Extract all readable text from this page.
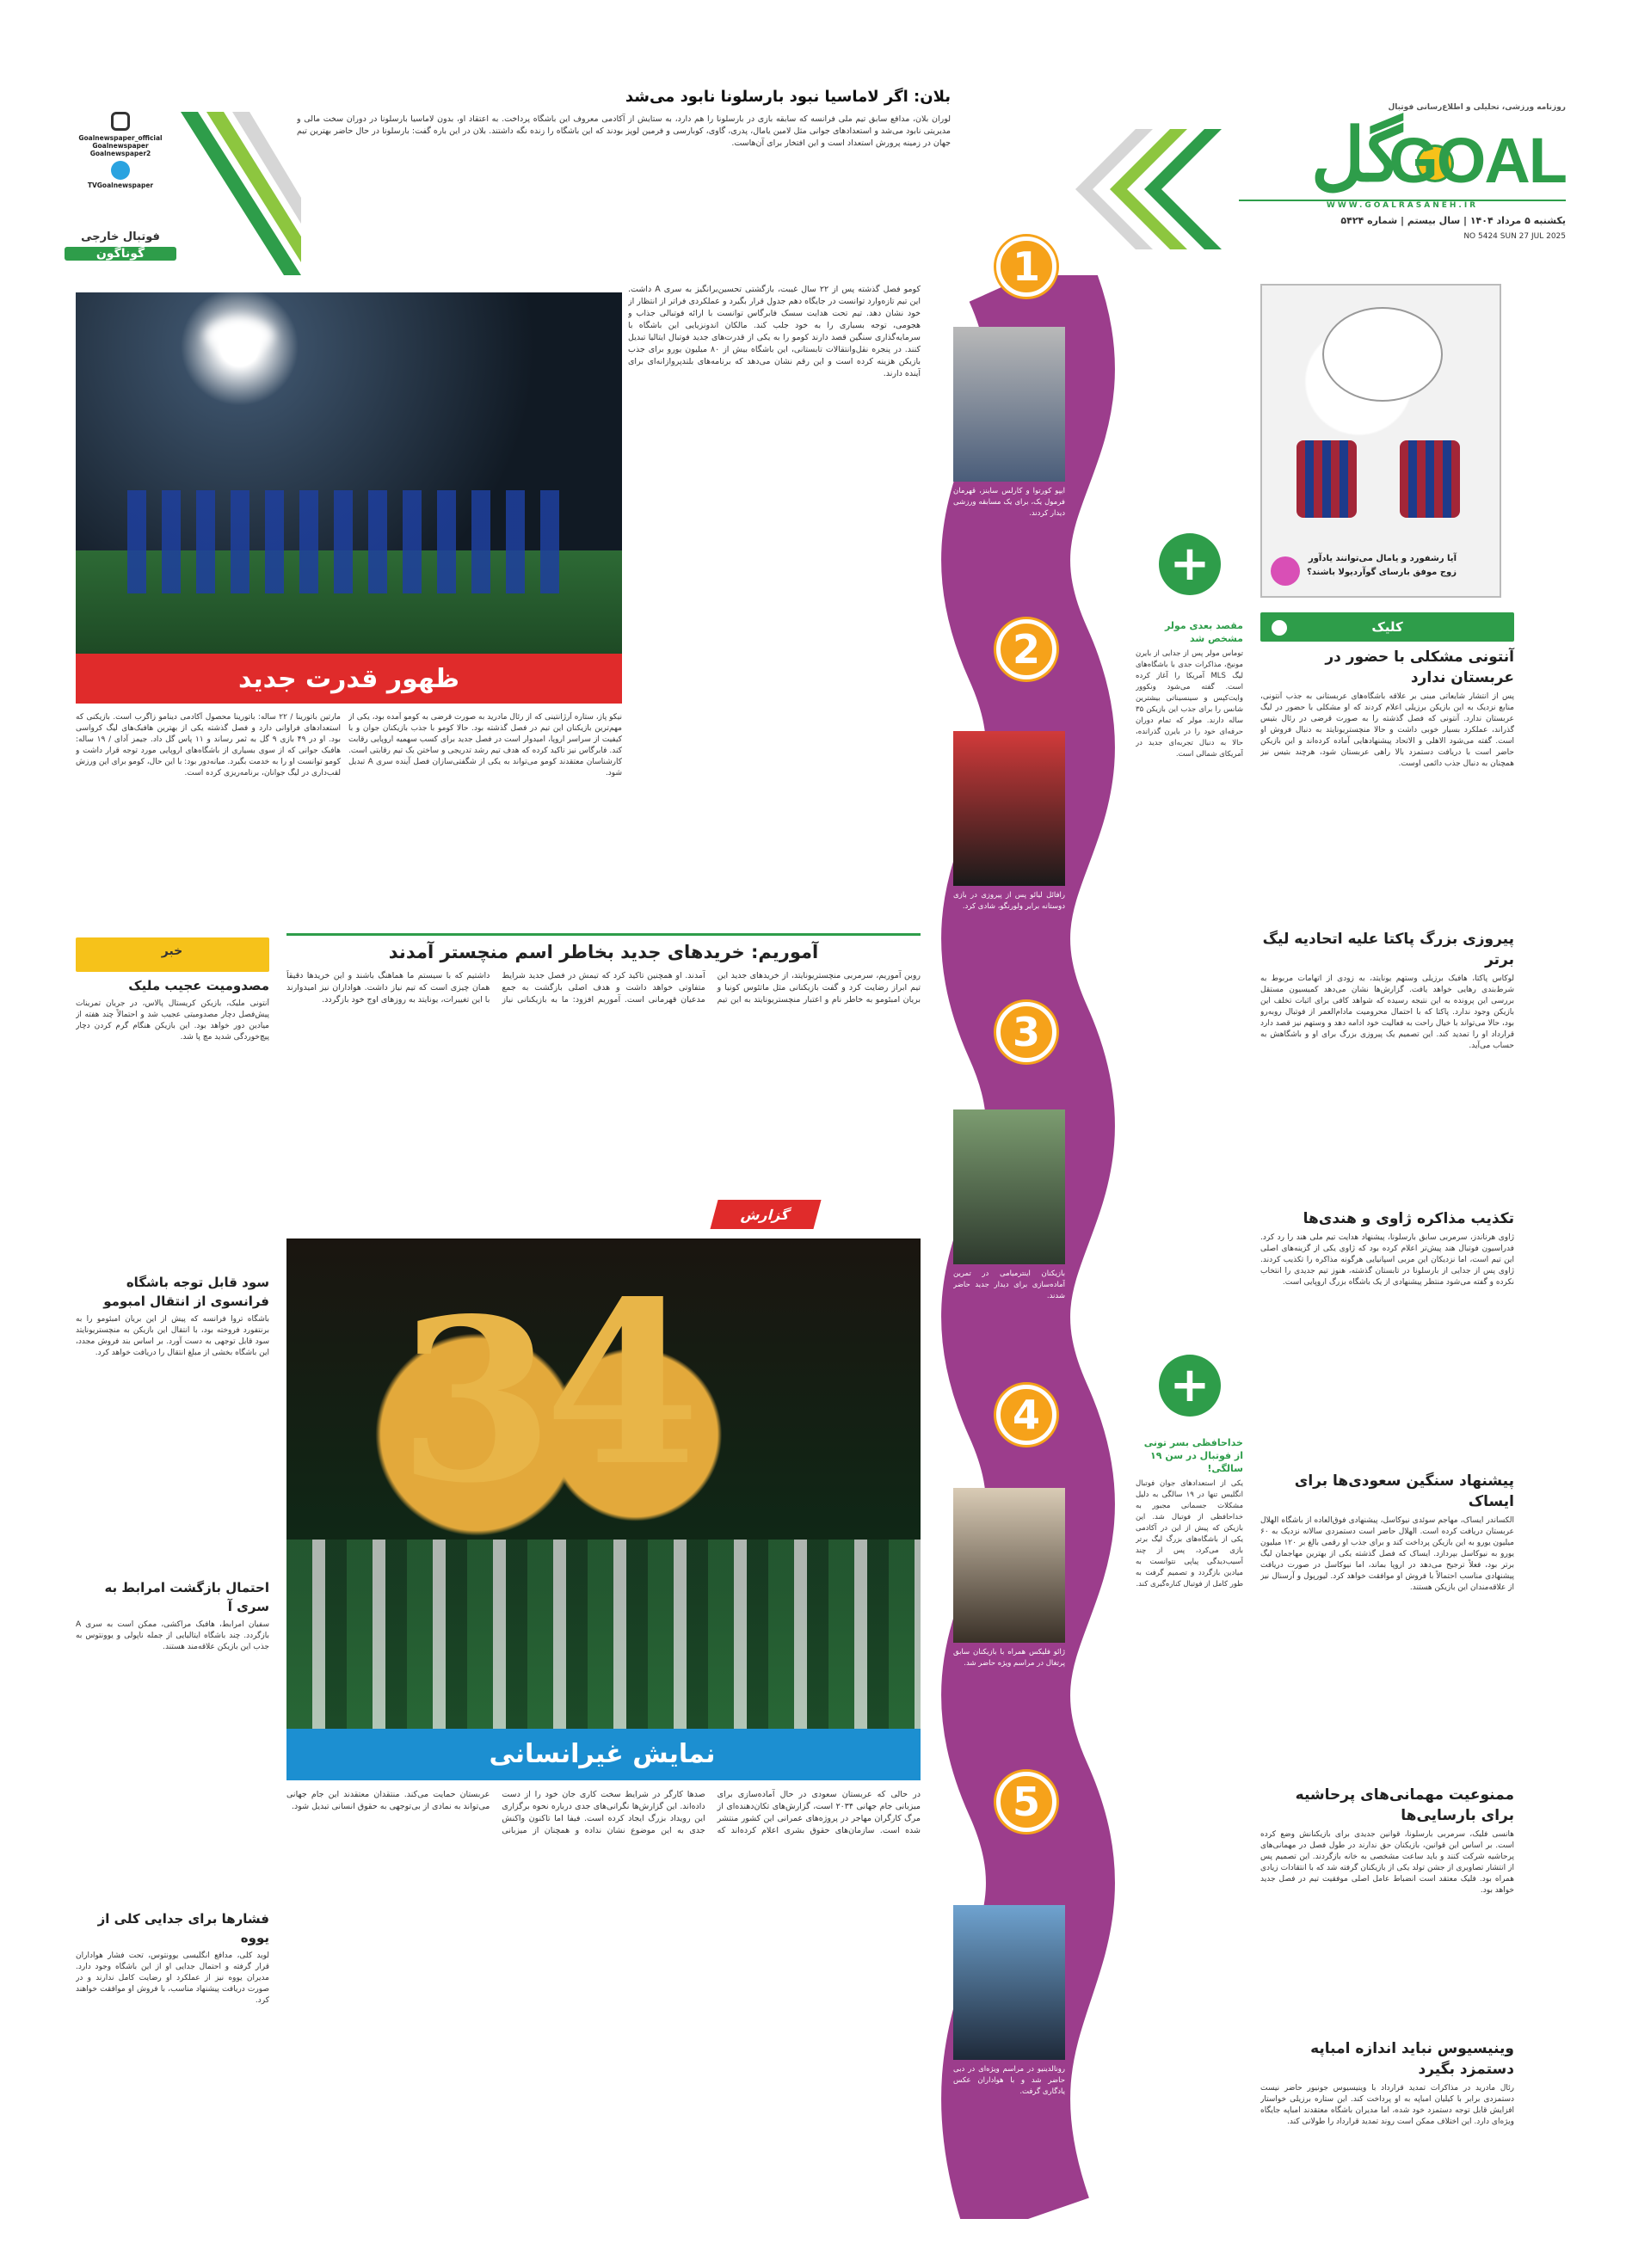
روزنامه ورزشی، تحلیلی و اطلاع‌رسانی فوتبال
گل
GOAL
WWW.GOALRASANEH.IR
یکشنبه ۵ مرداد ۱۴۰۴ | سال بیستم | شماره ۵۴۲۴
NO 5424 SUN 27 JUL 2025
بلان: اگر لاماسیا نبود بارسلونا نابود می‌شد
لوران بلان، مدافع سابق تیم ملی فرانسه که سابقه بازی در بارسلونا را هم دارد، به ستایش از آکادمی معروف این باشگاه پرداخت. به اعتقاد او، بدون لاماسیا بارسلونا در دوران سخت مالی و مدیریتی نابود می‌شد و استعدادهای جوانی مثل لامین یامال، پدری، گاوی، کوبارسی و فرمین لوپز بودند که این باشگاه را زنده نگه داشتند. بلان در این باره گفت: بارسلونا در حال حاضر بهترین تیم جهان در زمینه پرورش استعداد است و این افتخار برای آن‌هاست.
Goalnewspaper_official
Goalnewspaper
Goalnewspaper2
TVGoalnewspaper
فوتبال خارجی
گوناگون
آیا رشفورد و یامال می‌توانند یادآور
زوج موفق بارسای گوآردیولا باشند؟
کلیک
آنتونی مشکلی با حضور در عربستان ندارد
پس از انتشار شایعاتی مبنی بر علاقه باشگاه‌های عربستانی به جذب آنتونی، منابع نزدیک به این بازیکن برزیلی اعلام کردند که او مشکلی با حضور در لیگ عربستان ندارد. آنتونی که فصل گذشته را به صورت قرضی در رئال بتیس گذراند، عملکرد بسیار خوبی داشت و حالا منچستریونایتد به دنبال فروش او است. گفته می‌شود الاهلی و الاتحاد پیشنهادهایی آماده کرده‌اند و این بازیکن حاضر است با دریافت دستمزد بالا راهی عربستان شود، هرچند بتیس نیز همچنان به دنبال جذب دائمی اوست.
پیروزی بزرگ پاکتا علیه اتحادیه لیگ برتر
لوکاس پاکتا، هافبک برزیلی وستهم یونایتد، به زودی از اتهامات مربوط به شرط‌بندی رهایی خواهد یافت. گزارش‌ها نشان می‌دهد کمیسیون مستقل بررسی این پرونده به این نتیجه رسیده که شواهد کافی برای اثبات تخلف این بازیکن وجود ندارد. پاکتا که با احتمال محرومیت مادام‌العمر از فوتبال روبه‌رو بود، حالا می‌تواند با خیال راحت به فعالیت خود ادامه دهد و وستهم نیز قصد دارد قرارداد او را تمدید کند. این تصمیم یک پیروزی بزرگ برای او و باشگاهش به حساب می‌آید.
تکذیب مذاکره ژاوی و هندی‌ها
ژاوی هرناندز، سرمربی سابق بارسلونا، پیشنهاد هدایت تیم ملی هند را رد کرد. فدراسیون فوتبال هند پیش‌تر اعلام کرده بود که ژاوی یکی از گزینه‌های اصلی این تیم است، اما نزدیکان این مربی اسپانیایی هرگونه مذاکره را تکذیب کردند. ژاوی پس از جدایی از بارسلونا در تابستان گذشته، هنوز تیم جدیدی را انتخاب نکرده و گفته می‌شود منتظر پیشنهادی از یک باشگاه بزرگ اروپایی است.
پیشنهاد سنگین سعودی‌ها برای ایساک
الکساندر ایساک، مهاجم سوئدی نیوکاسل، پیشنهادی فوق‌العاده از باشگاه الهلال عربستان دریافت کرده است. الهلال حاضر است دستمزدی سالانه نزدیک به ۶۰ میلیون یورو به این بازیکن پرداخت کند و برای جذب او رقمی بالغ بر ۱۲۰ میلیون یورو به نیوکاسل بپردازد. ایساک که فصل گذشته یکی از بهترین مهاجمان لیگ برتر بود، فعلاً ترجیح می‌دهد در اروپا بماند، اما نیوکاسل در صورت دریافت پیشنهادی مناسب احتمالاً با فروش او موافقت خواهد کرد. لیورپول و آرسنال نیز از علاقه‌مندان این بازیکن هستند.
ممنوعیت مهمانی‌های پرحاشیه برای بارسایی‌ها
هانسی فلیک، سرمربی بارسلونا، قوانین جدیدی برای بازیکنانش وضع کرده است. بر اساس این قوانین، بازیکنان حق ندارند در طول فصل در مهمانی‌های پرحاشیه شرکت کنند و باید ساعت مشخصی به خانه بازگردند. این تصمیم پس از انتشار تصاویری از جشن تولد یکی از بازیکنان گرفته شد که با انتقادات زیادی همراه بود. فلیک معتقد است انضباط عامل اصلی موفقیت تیم در فصل جدید خواهد بود.
وینیسیوس نباید اندازه امباپه دستمزد بگیرد
رئال مادرید در مذاکرات تمدید قرارداد با وینیسیوس جونیور حاضر نیست دستمزدی برابر با کیلیان امباپه به او پرداخت کند. این ستاره برزیلی خواستار افزایش قابل توجه دستمزد خود شده، اما مدیران باشگاه معتقدند امباپه جایگاه ویژه‌ای دارد. این اختلاف ممکن است روند تمدید قرارداد را طولانی کند.
1
2
3
4
5
ایپو کورتوا و کارلس ساینز، قهرمان فرمول یک، برای یک مسابقه ورزشی دیدار کردند.
رافائل لیائو پس از پیروزی در بازی دوستانه برابر ولورنگو، شادی کرد.
بازیکنان اینترمیامی در تمرین آماده‌سازی برای دیدار جدید حاضر شدند.
ژائو فلیکس همراه با بازیکنان سابق پرتغال در مراسم ویژه حاضر شد.
رونالدینیو در مراسم ویژه‌ای در دبی حاضر شد و با هواداران عکس یادگاری گرفت.
+
مقصد بعدی مولر مشخص شد
توماس مولر پس از جدایی از بایرن مونیخ، مذاکرات جدی با باشگاه‌های لیگ MLS آمریکا را آغاز کرده است. گفته می‌شود ونکوور وایت‌کپس و سینسیناتی بیشترین شانس را برای جذب این بازیکن ۳۵ ساله دارند. مولر که تمام دوران حرفه‌ای خود را در بایرن گذرانده، حالا به دنبال تجربه‌ای جدید در آمریکای شمالی است.
+
خداحافظی بسر تونی از فوتبال در سن ۱۹ سالگی!
یکی از استعدادهای جوان فوتبال انگلیس تنها در ۱۹ سالگی به دلیل مشکلات جسمانی مجبور به خداحافظی از فوتبال شد. این بازیکن که پیش از این در آکادمی یکی از باشگاه‌های بزرگ لیگ برتر بازی می‌کرد، پس از چند آسیب‌دیدگی پیاپی نتوانست به میادین بازگردد و تصمیم گرفت به طور کامل از فوتبال کناره‌گیری کند.
کومو فصل گذشته پس از ۲۲ سال غیبت، بازگشتی تحسین‌برانگیز به سری A داشت. این تیم تازه‌وارد توانست در جایگاه دهم جدول قرار بگیرد و عملکردی فراتر از انتظار از خود نشان دهد. تیم تحت هدایت سسک فابرگاس توانست با ارائه فوتبالی جذاب و هجومی، توجه بسیاری را به خود جلب کند. مالکان اندونزیایی این باشگاه با سرمایه‌گذاری سنگین قصد دارند کومو را به یکی از قدرت‌های جدید فوتبال ایتالیا تبدیل کنند. در پنجره نقل‌وانتقالات تابستانی، این باشگاه بیش از ۸۰ میلیون یورو برای جذب بازیکن هزینه کرده است و این رقم نشان می‌دهد که برنامه‌های بلندپروازانه‌ای برای آینده دارند.
ظهور قدرت جدید
نیکو پاز، ستاره آرژانتینی که از رئال مادرید به صورت قرضی به کومو آمده بود، یکی از مهم‌ترین بازیکنان این تیم در فصل گذشته بود. حالا کومو با جذب بازیکنان جوان و با کیفیت از سراسر اروپا، امیدوار است در فصل جدید برای کسب سهمیه اروپایی رقابت کند. فابرگاس نیز تاکید کرده که هدف تیم رشد تدریجی و ساختن یک تیم رقابتی است. کارشناسان معتقدند کومو می‌تواند به یکی از شگفتی‌سازان فصل آینده سری A تبدیل شود.
مارتین باتورینا / ۲۲ ساله: باتورینا محصول آکادمی دینامو زاگرب است. بازیکنی که استعدادهای فراوانی دارد و فصل گذشته یکی از بهترین هافبک‌های لیگ کرواسی بود. او در ۴۹ بازی ۹ گل به ثمر رساند و ۱۱ پاس گل داد. جیمز آدای / ۱۹ ساله: هافبک جوانی که از سوی بسیاری از باشگاه‌های اروپایی مورد توجه قرار داشت و کومو توانست او را به خدمت بگیرد. میانه‌دور بود: با این حال، کومو برای این ورزش لقب‌داری در لیگ جوانان، برنامه‌ریزی کرده است.
آموریم: خریدهای جدید بخاطر اسم منچستر آمدند
روبن آموریم، سرمربی منچستریونایتد، از خریدهای جدید این تیم ابراز رضایت کرد و گفت بازیکنانی مثل ماتئوس کونیا و بریان امبئومو به خاطر نام و اعتبار منچستریونایتد به این تیم آمدند. او همچنین تاکید کرد که تیمش در فصل جدید شرایط متفاوتی خواهد داشت و هدف اصلی بازگشت به جمع مدعیان قهرمانی است. آموریم افزود: ما به بازیکنانی نیاز داشتیم که با سیستم ما هماهنگ باشند و این خریدها دقیقاً همان چیزی است که تیم نیاز داشت. هواداران نیز امیدوارند با این تغییرات، یونایتد به روزهای اوج خود بازگردد.
گزارش
3
4
نمایش غیرانسانی
در حالی که عربستان سعودی در حال آماده‌سازی برای میزبانی جام جهانی ۲۰۳۴ است، گزارش‌های تکان‌دهنده‌ای از مرگ کارگران مهاجر در پروژه‌های عمرانی این کشور منتشر شده است. سازمان‌های حقوق بشری اعلام کرده‌اند که صدها کارگر در شرایط سخت کاری جان خود را از دست داده‌اند. این گزارش‌ها نگرانی‌های جدی درباره نحوه برگزاری این رویداد بزرگ ایجاد کرده است. فیفا اما تاکنون واکنش جدی به این موضوع نشان نداده و همچنان از میزبانی عربستان حمایت می‌کند. منتقدان معتقدند این جام جهانی می‌تواند به نمادی از بی‌توجهی به حقوق انسانی تبدیل شود.
خبر
مصدومیت عجیب ملیک
آنتونی ملیک، بازیکن کریستال پالاس، در جریان تمرینات پیش‌فصل دچار مصدومیتی عجیب شد و احتمالاً چند هفته از میادین دور خواهد بود. این بازیکن هنگام گرم کردن دچار پیچ‌خوردگی شدید مچ پا شد.
سود قابل توجه باشگاه فرانسوی از انتقال امبومو
باشگاه تروا فرانسه که پیش از این بریان امبئومو را به برنتفورد فروخته بود، با انتقال این بازیکن به منچستریونایتد سود قابل توجهی به دست آورد. بر اساس بند فروش مجدد، این باشگاه بخشی از مبلغ انتقال را دریافت خواهد کرد.
احتمال بازگشت امرابط به سری آ
سفیان امرابط، هافبک مراکشی، ممکن است به سری A بازگردد. چند باشگاه ایتالیایی از جمله ناپولی و یوونتوس به جذب این بازیکن علاقه‌مند هستند.
فشارها برای جدایی کلی از یووه
لوید کلی، مدافع انگلیسی یوونتوس، تحت فشار هواداران قرار گرفته و احتمال جدایی او از این باشگاه وجود دارد. مدیران یووه نیز از عملکرد او رضایت کامل ندارند و در صورت دریافت پیشنهاد مناسب، با فروش او موافقت خواهند کرد.
